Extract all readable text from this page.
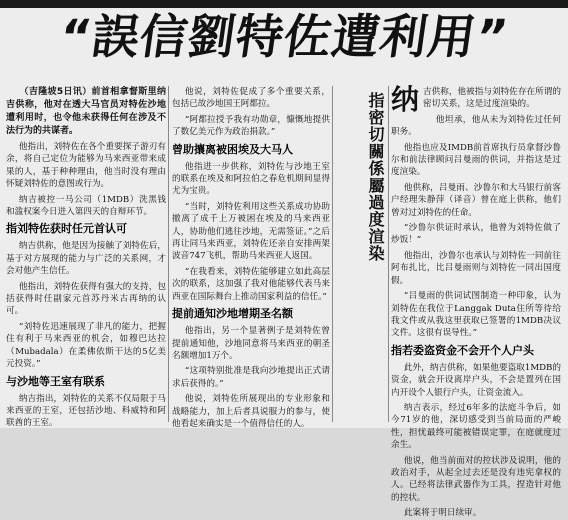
“誤信劉特佐遭利用”

（吉隆坡5日讯）前首相拿督斯里纳吉供称，他对在透大马官员对特佐沙地遭利用时，也令他未获得任何在涉及不法行为的共谋者。

他指出，刘特佐在各个重要探子游刃有余，将自己定位为能够为马来西亚带来成果的人，基于种种理由，他当时没有理由怀疑刘特佐的意图或行为。

纳吉被控一马公司（1MDB）洗黑钱和滥权案今日进入第四天的自辩环节。

指刘特佐获时任元首认可

纳吉供称，他是因为接触了刘特佐后，基于对方展现的能力与广泛的关系网，才会对他产生信任。

他指出，刘特佐获得有强大的支持，包括获得时任副家元首苏丹米古再纳的认可。

“刘特佐迅速展现了非凡的能力，把握住有利于马来西亚的机会，如穆巴达拉（Mubadala）在柔佛依斯干达的5亿美元投资。”

与沙地等王室有联系

纳吉指出，刘特佐的关系不仅局限于马来西亚的王室，还包括沙地、科威特和阿联酋的王室。

他说，刘特佐促成了多个重要关系，包括已故沙地国王阿都拉。

“阿都拉授予我有功勋章，慷慨地提供了数亿美元作为政治捐款。”

曾助攘离被困埃及大马人

他指进一步供称，刘特佐与沙地王室的联系在埃及和阿拉伯之春危机期间显得尤为宝贵。

“当时，刘特佐利用这些关系成功协助撤离了成千上万被困在埃及的马来西亚人，协助他们逃往沙地，无需签证。”之后再让同马来西亚，刘特佐还亲自安排两架波音747飞机，帮助马来西亚人返国。

“在我看来，刘特佐能够建立如此高层次的联系，这加强了我对他能够代表马来西亚在国际舞台上推动国家利益的信任。”

提前通知沙地增期圣名额

他指出，另一个显著例子是刘特佐曾提前通知他，沙地同意将马来西亚的朝圣名额增加1万个。

“这项特别批准是我向沙地提出正式请求后获得的。”

他说，刘特佐所展现出的专业形象和战略能力，加上后者具说服力的参与，使他看起来确实是一个值得信任的人。

指密切關係屬過度渲染 纳吉供称，他被指与刘特佐存在所谓的密切关系，这是过度渲染的。

他坦承，他从未为刘特佐过任何职务。

他指也应及IMDB前首席执行员拿督沙鲁尔和前法律顾问吕曼雨的供词，并指这是过度渲染。

他供称，吕曼雨、沙鲁尔和大马银行前客户经理朱静萍（译音）曾在庭上供称，他们曾对过刘特佐的任命。

“沙鲁尔供证时承认，他曾为刘特佐做了炒饭！”

他指出，沙鲁尔也承认与刘特佐一同前往阿布扎比，比吕曼雨则与刘特佐一同出国度假。

“吕曼雨的供词试图制造一种印象，认为刘特佐在我位于Langgak Duta住所等待给我文件或从我这里获取已签署的1MDB决议文件。这很有误导性。”

指若委盗资金不会开个人户头

此外，纳吉供称，如果他要盗取1MDB的资金，就会开设离岸户头，不会是置列在国内开设个人银行户头，让资金流入。

纳吉表示，经过6年多的法庭斗争后，如今71岁的他，深切感受到当前局面的严峻性，担忧最终可能被错误定罪，在庭就度过余生。

他说，他当前面对的控状涉及说明，他的政治对手，从起全过去还是没有违宪拿权的人。已经将法律武器作为工具，捏造针对他的控状。

此案将于明日续审。
